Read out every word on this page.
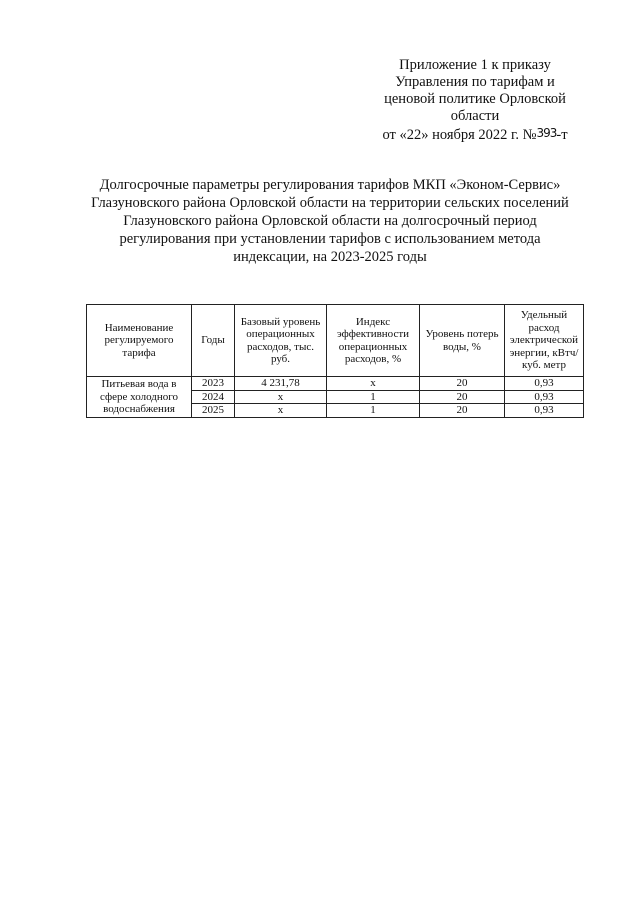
Приложение 1 к приказу
Управления по тарифам и
ценовой политике Орловской
области
от «22» ноября 2022 г. №393-т
Долгосрочные параметры регулирования тарифов МКП «Эконом-Сервис»
Глазуновского района Орловской области на территории сельских поселений
Глазуновского района Орловской области на долгосрочный период
регулирования при установлении тарифов с использованием метода
индексации, на 2023-2025 годы
Наименование регулируемого тарифа	Годы	Базовый уровень операционных расходов, тыс. руб.	Индекс эффективности операционных расходов, %	Уровень потерь воды, %	Удельный расход электрической энергии, кВтч/куб. метр
Питьевая вода в сфере холодного водоснабжения	2023	4 231,78	х	20	0,93
	2024	х	1	20	0,93
	2025	х	1	20	0,93
